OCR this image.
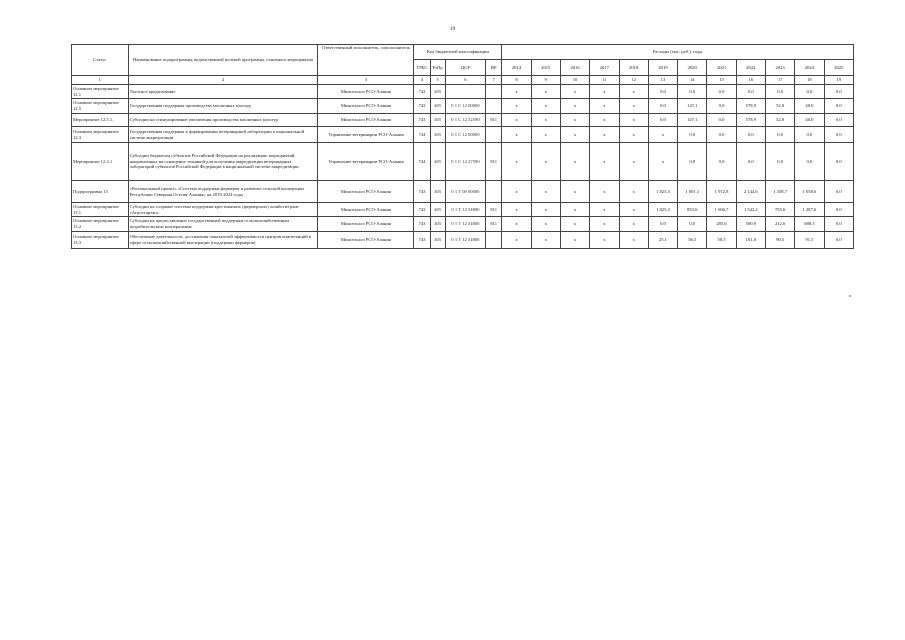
19
Статус	Наименование подпрограммы, ведомственной целевой программы, основного мероприятия	Ответственный исполнитель, соисполнитель	Код бюджетной классификации				Расходы (тыс. руб.), годы											
			ГРБС	РзПр	ЦСР	ВР	2014	2015	2016	2017	2018	2019	2020	2021	2022	2023	2024	2025
1	2	3	4	5	6	7	8	9	10	11	12	13	14	15	16	17	18	19
Основное мероприятие 12.1	Льготное кредитование	Минсельхоз РСО-Алания	743	405			х	х	х	х	х	0,0	0,0	0,0	0,0	0,0	0,0	0,0
Основное мероприятие 12.5	Государственная поддержка производства масличных культур	Минсельхоз РСО-Алания	743	405	0 1 С 12 00000		х	х	х	х	х	0,0	147,1	0,0	578,9	52,0	40,0	0,0
Мероприятие 12.5.1.	Субсидии на стимулирование увеличения производства масличных культур	Минсельхоз РСО-Алания	743	405	0 1 С 12 52590	811	х	х	х	х	х	0,0	147,1	0,0	578,9	52,0	40,0	0,0
Основное мероприятие 12.3	Государственная поддержка в формировании ветеринарной лаборатории в национальной системе аккредитации	Управление ветеринарии РСО-Алания	744	405	0 1 С 12 00000		х	х	х	х	х	х	0,0	0,0	0,0	0,0	0,0	0,0
Мероприятие 12.3.1	Субсидии бюджетам субъектов Российской Федерации на реализацию мероприятий, направленных на оснащение техникой для получения аккредитации ветеринарных лабораторий субъектов Российской Федерации в национальной системе аккредитации	Управление ветеринарии РСО-Алания	744	405	0 1 С 12 27590	811	х	х	х	х	х	х	0,0	0,0	0,0	0,0	0,0	0,0
Подпрограмма 13	«Региональный проект» «Система поддержки фермеров и развитие сельской кооперации Республики Северная Осетия-Алания» на 2019-2024 годы	Минсельхоз РСО-Алания	743	405	0 1 Т 00 00000		х	х	х	х	х	1 825,3	1 001,1	1 972,8	2 144,6	1 358,7	1 058,6	0,0
Основное мероприятие 13.1	Субсидии на создание системы поддержки крестьянских (фермерских) хозяйств/грант «Агростартап»	Минсельхоз РСО-Алания	743	405	0 1 Т 12 54800	811	х	х	х	х	х	1 825,3	853,6	1 606,7	1 542,2	755,6	1 287,6	0,0
Основное мероприятие 13.2	Субсидии на предоставление государственной поддержки сельскохозяйственным потребительским кооперативам	Минсельхоз РСО-Алания	743	405	0 1 Т 12 54800	811	х	х	х	х	х	0,0	0,0	285,6	500,9	212,6	688,3	0,0
Основное мероприятие 13.3	Обеспечение деятельности, достижения показателей эффективности центров компетенций в сфере сельскохозяйственной кооперации (поддержки фермеров)	Минсельхоз РСО-Алания	743	405	0 1 Т 12 54800		х	х	х	х	х	25,1	56,5	50,5	101,0	90,5	91,5	0,0
»
